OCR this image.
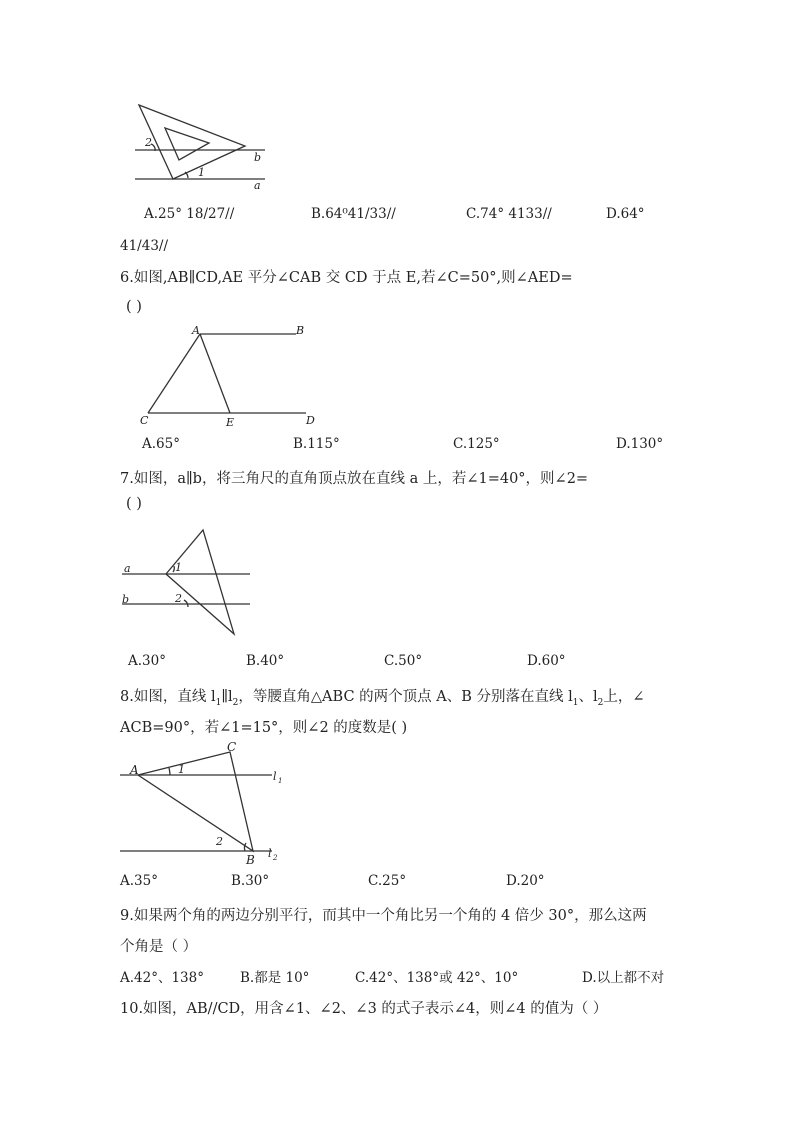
2
1
b
a
A.25° 18/27//	B.64⁰41/33//	C.74° 4133//	D.64°
41/43//
6.如图,AB∥CD,AE 平分∠CAB 交 CD 于点 E,若∠C=50°,则∠AED=
( )
A	B
C	E	D
A.65°	B.115°	C.125°	D.130°
7.如图，a∥b，将三角尺的直角顶点放在直线 a 上，若∠1=40°，则∠2=
( )
a
b
1
2
A.30°	B.40°	C.50°	D.60°
8.如图，直线 $l_1\parallel l_2$，等腰直角△ABC 的两个顶点 A、B 分别落在直线 $l_1$、$l_2$上，∠
ACB=90°，若∠1=15°，则∠2 的度数是( )
A
C
B
1
2
l 1
l 2
A.35°	B.30°	C.25°	D.20°
9.如果两个角的两边分别平行，而其中一个角比另一个角的 4 倍少 30°，那么这两
个角是（ ）
A.42°、138°	B.都是 10°	C.42°、138°或 42°、10°	D.以上都不对
10.如图，AB//CD，用含∠1、∠2、∠3 的式子表示∠4，则∠4 的值为（ ）
